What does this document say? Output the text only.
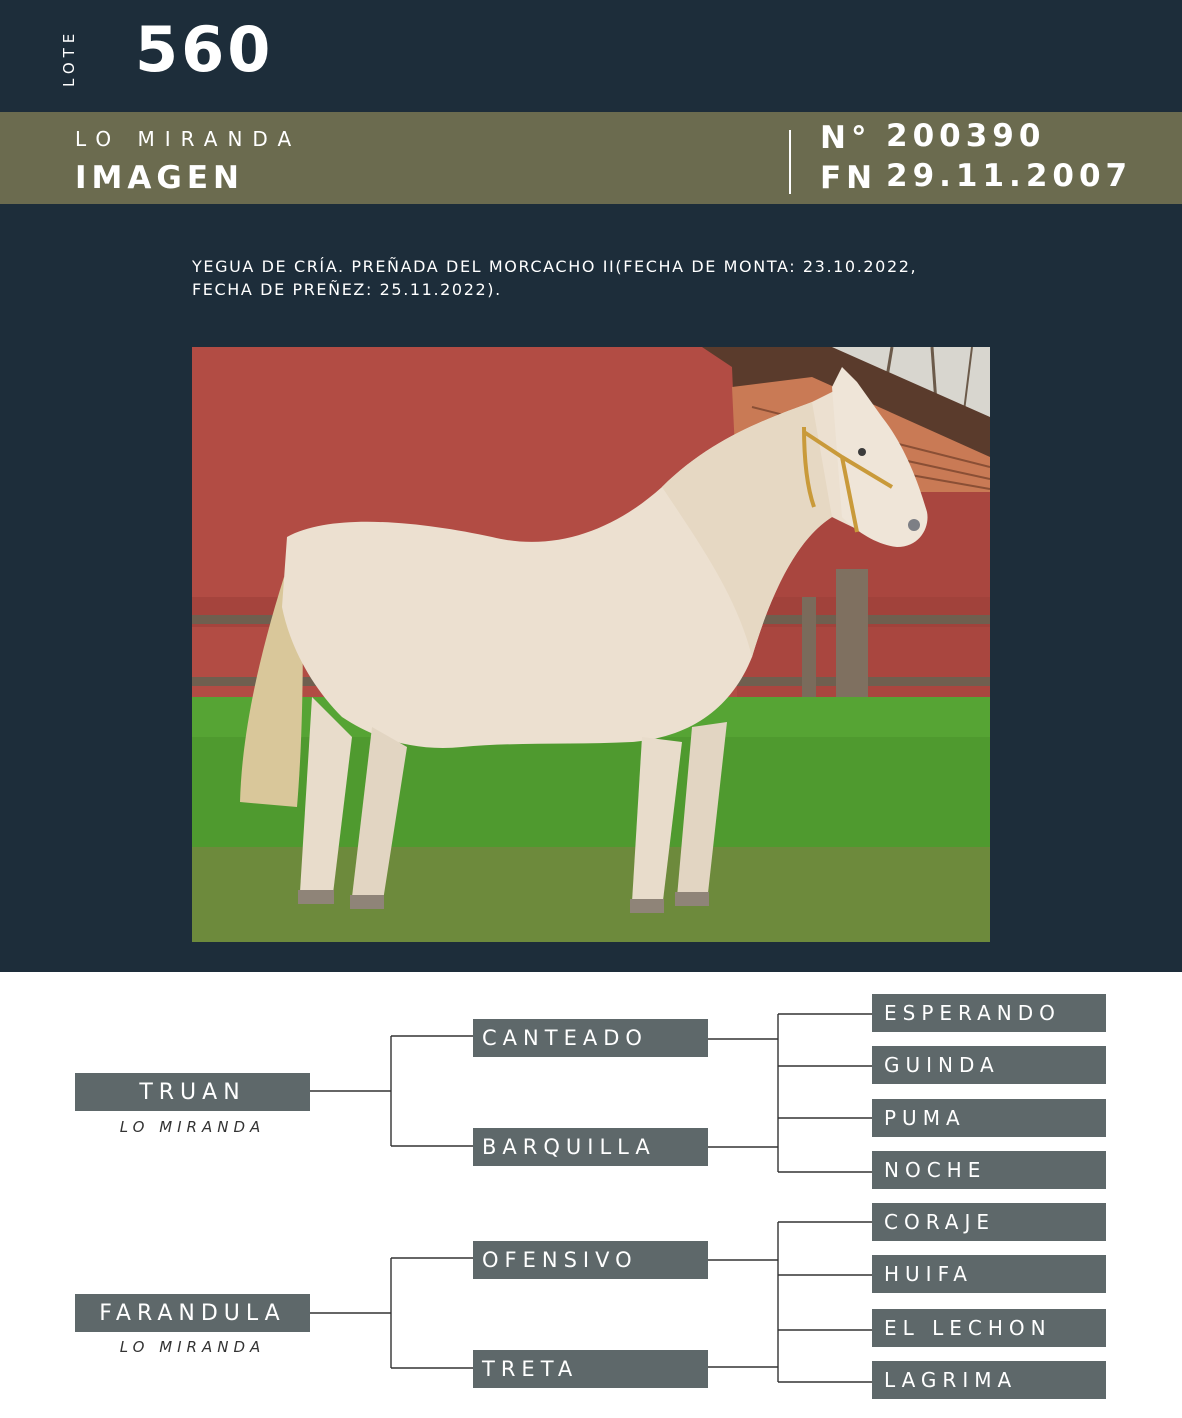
LOTE 560
LO MIRANDA
IMAGEN
N° 200390
FN 29.11.2007
YEGUA DE CRÍA. PREÑADA DEL MORCACHO II(FECHA DE MONTA: 23.10.2022,
FECHA DE PREÑEZ: 25.11.2022).
TRUAN
LO MIRANDA
FARANDULA
LO MIRANDA
CANTEADO
BARQUILLA
OFENSIVO
TRETA
ESPERANDO
GUINDA
PUMA
NOCHE
CORAJE
HUIFA
EL LECHON
LAGRIMA
